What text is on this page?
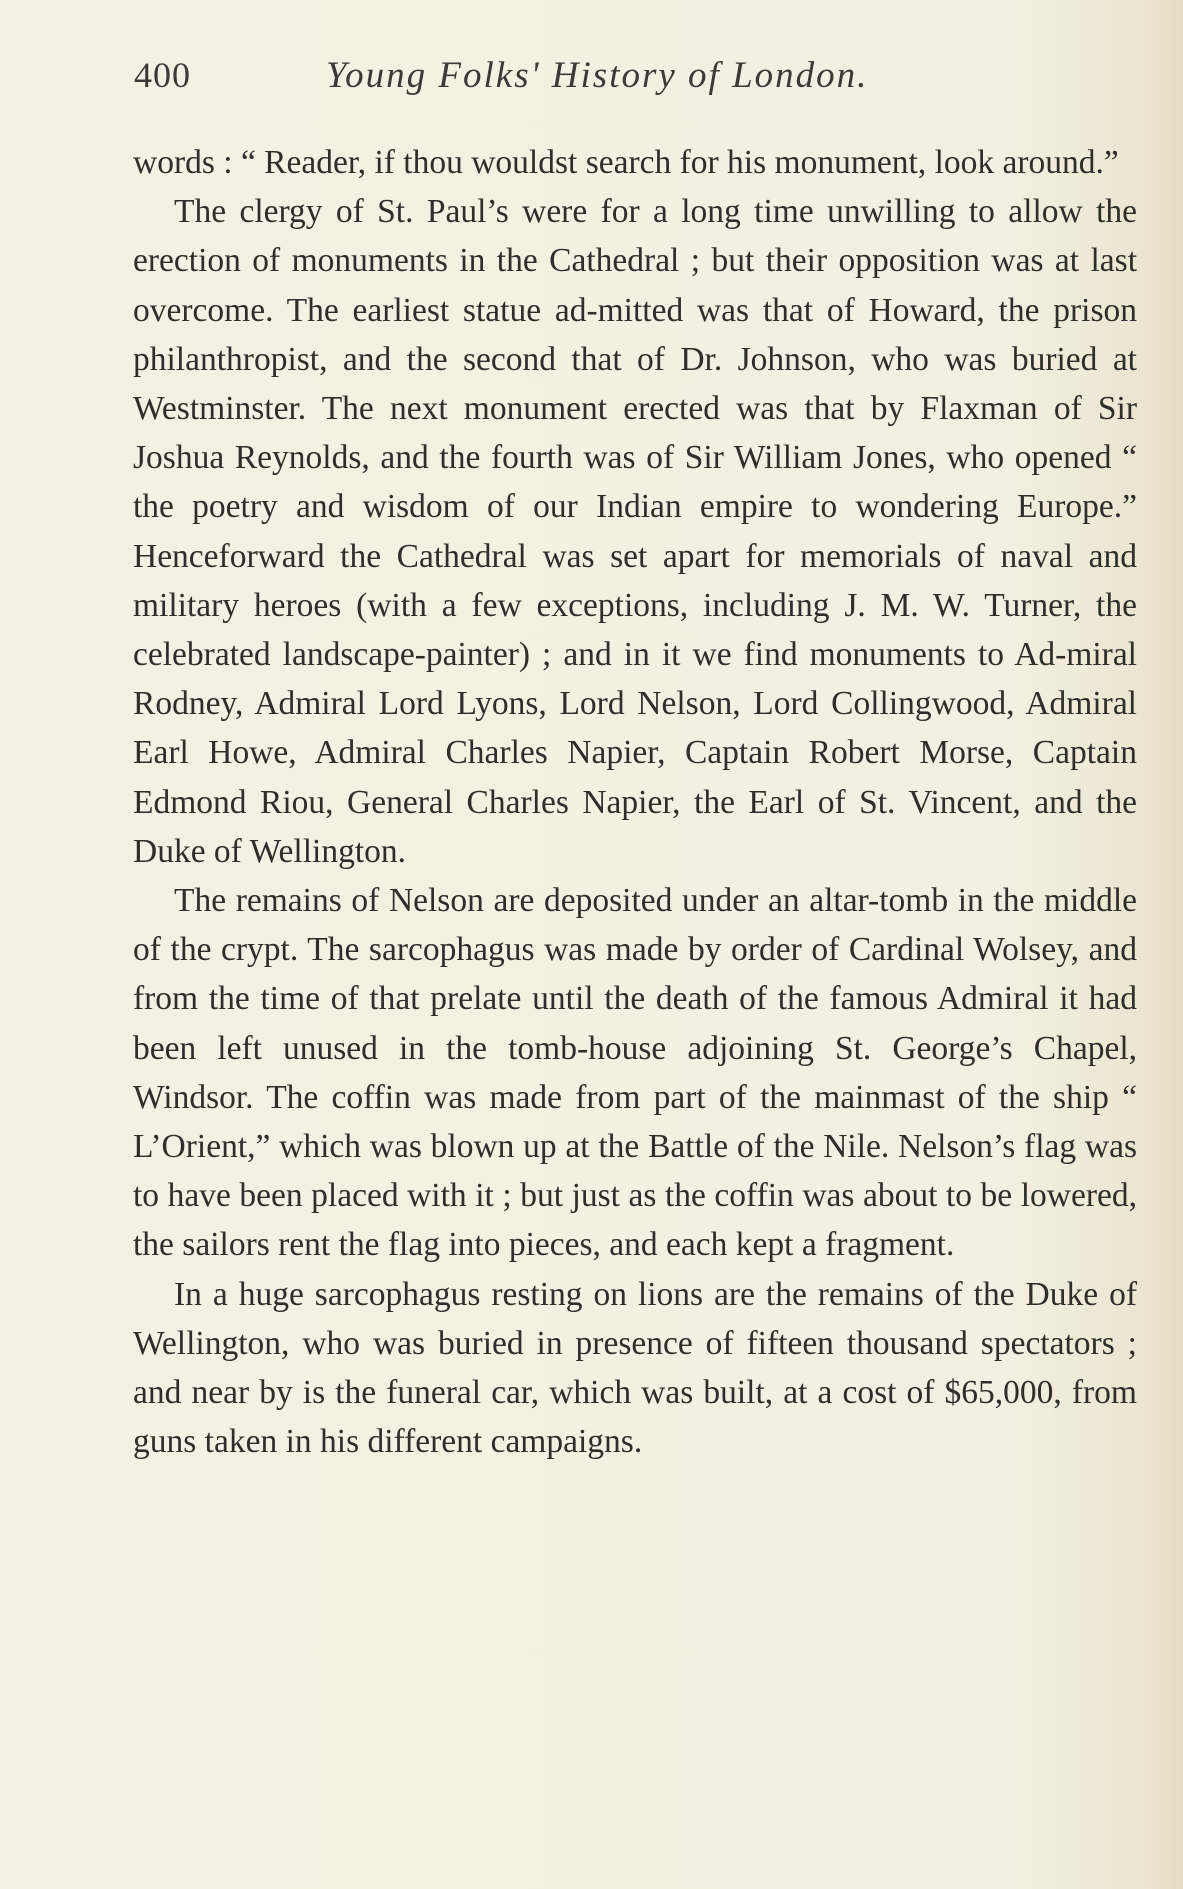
400	Young Folks' History of London.

words : “ Reader, if thou wouldst search for his monument, look around.”

The clergy of St. Paul’s were for a long time unwilling to allow the erection of monuments in the Cathedral ; but their opposition was at last overcome. The earliest statue ad-mitted was that of Howard, the prison philanthropist, and the second that of Dr. Johnson, who was buried at Westminster. The next monument erected was that by Flaxman of Sir Joshua Reynolds, and the fourth was of Sir William Jones, who opened “ the poetry and wisdom of our Indian empire to wondering Europe.” Henceforward the Cathedral was set apart for memorials of naval and military heroes (with a few exceptions, including J. M. W. Turner, the celebrated landscape-painter) ; and in it we find monuments to Ad-miral Rodney, Admiral Lord Lyons, Lord Nelson, Lord Collingwood, Admiral Earl Howe, Admiral Charles Napier, Captain Robert Morse, Captain Edmond Riou, General Charles Napier, the Earl of St. Vincent, and the Duke of Wellington.

The remains of Nelson are deposited under an altar-tomb in the middle of the crypt. The sarcophagus was made by order of Cardinal Wolsey, and from the time of that prelate until the death of the famous Admiral it had been left unused in the tomb-house adjoining St. George’s Chapel, Windsor. The coffin was made from part of the mainmast of the ship “ L’Orient,” which was blown up at the Battle of the Nile. Nelson’s flag was to have been placed with it ; but just as the coffin was about to be lowered, the sailors rent the flag into pieces, and each kept a fragment.

In a huge sarcophagus resting on lions are the remains of the Duke of Wellington, who was buried in presence of fifteen thousand spectators ; and near by is the funeral car, which was built, at a cost of $65,000, from guns taken in his different campaigns.
